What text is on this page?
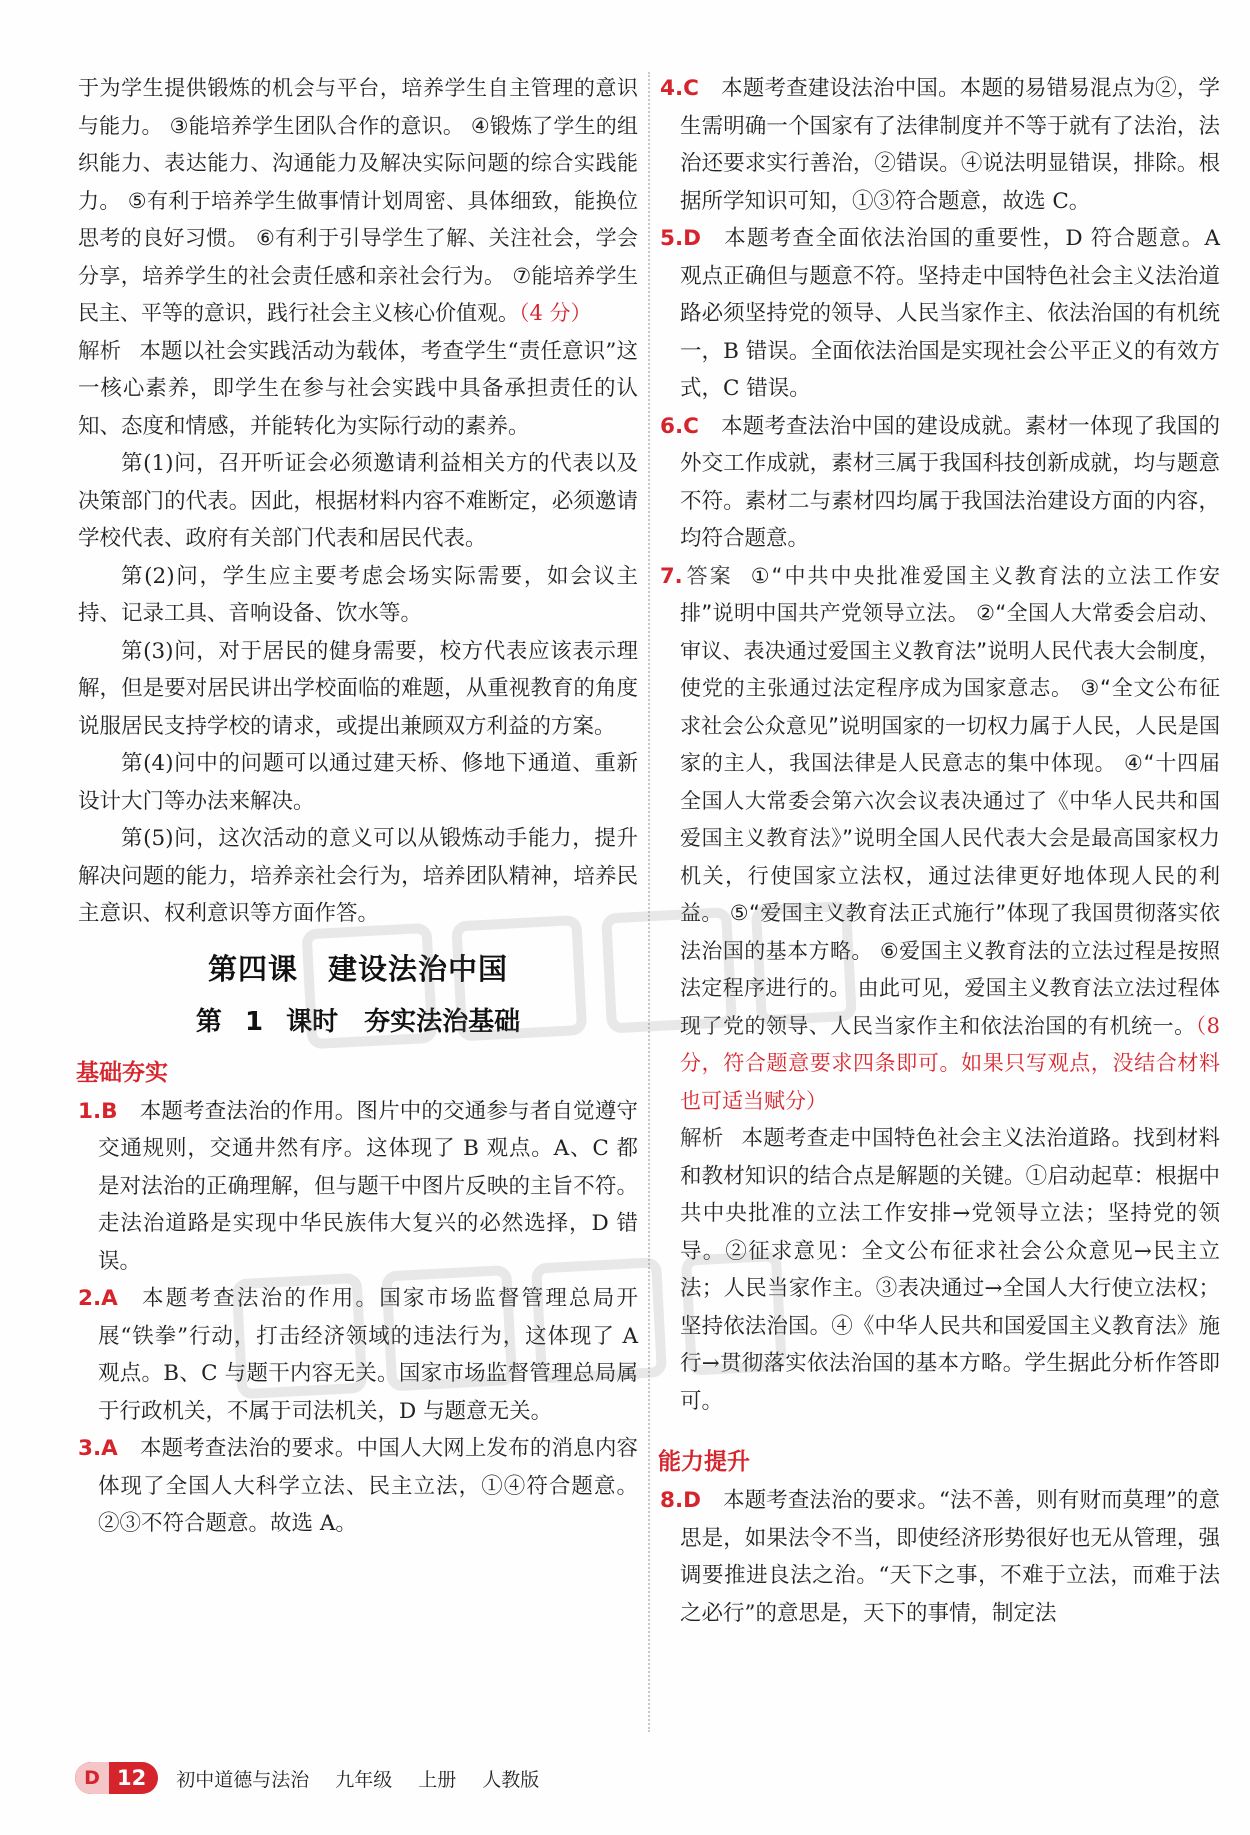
于为学生提供锻炼的机会与平台，培养学生自主管理的意识与能力。 ③能培养学生团队合作的意识。 ④锻炼了学生的组织能力、表达能力、沟通能力及解决实际问题的综合实践能力。 ⑤有利于培养学生做事情计划周密、具体细致，能换位思考的良好习惯。 ⑥有利于引导学生了解、关注社会，学会分享，培养学生的社会责任感和亲社会行为。 ⑦能培养学生民主、平等的意识，践行社会主义核心价值观。（4 分）

解析 本题以社会实践活动为载体，考查学生“责任意识”这一核心素养，即学生在参与社会实践中具备承担责任的认知、态度和情感，并能转化为实际行动的素养。

第(1)问，召开听证会必须邀请利益相关方的代表以及决策部门的代表。因此，根据材料内容不难断定，必须邀请学校代表、政府有关部门代表和居民代表。

第(2)问，学生应主要考虑会场实际需要，如会议主持、记录工具、音响设备、饮水等。

第(3)问，对于居民的健身需要，校方代表应该表示理解，但是要对居民讲出学校面临的难题，从重视教育的角度说服居民支持学校的请求，或提出兼顾双方利益的方案。

第(4)问中的问题可以通过建天桥、修地下通道、重新设计大门等办法来解决。

第(5)问，这次活动的意义可以从锻炼动手能力，提升解决问题的能力，培养亲社会行为，培养团队精神，培养民主意识、权利意识等方面作答。

第四课　建设法治中国
第 1 课时　夯实法治基础
基础夯实

1.B 本题考查法治的作用。图片中的交通参与者自觉遵守交通规则，交通井然有序。这体现了 B 观点。A、C 都是对法治的正确理解，但与题干中图片反映的主旨不符。走法治道路是实现中华民族伟大复兴的必然选择，D 错误。

2.A 本题考查法治的作用。国家市场监督管理总局开展“铁拳”行动，打击经济领域的违法行为，这体现了 A 观点。B、C 与题干内容无关。国家市场监督管理总局属于行政机关，不属于司法机关，D 与题意无关。

3.A 本题考查法治的要求。中国人大网上发布的消息内容体现了全国人大科学立法、民主立法，①④符合题意。②③不符合题意。故选 A。

4.C 本题考查建设法治中国。本题的易错易混点为②，学生需明确一个国家有了法律制度并不等于就有了法治，法治还要求实行善治，②错误。④说法明显错误，排除。根据所学知识可知，①③符合题意，故选 C。

5.D 本题考查全面依法治国的重要性，D 符合题意。A 观点正确但与题意不符。坚持走中国特色社会主义法治道路必须坚持党的领导、人民当家作主、依法治国的有机统一，B 错误。全面依法治国是实现社会公平正义的有效方式，C 错误。

6.C 本题考查法治中国的建设成就。素材一体现了我国的外交工作成就，素材三属于我国科技创新成就，均与题意不符。素材二与素材四均属于我国法治建设方面的内容，均符合题意。

7.答案 ①“中共中央批准爱国主义教育法的立法工作安排”说明中国共产党领导立法。 ②“全国人大常委会启动、审议、表决通过爱国主义教育法”说明人民代表大会制度，使党的主张通过法定程序成为国家意志。 ③“全文公布征求社会公众意见”说明国家的一切权力属于人民，人民是国家的主人，我国法律是人民意志的集中体现。 ④“十四届全国人大常委会第六次会议表决通过了《中华人民共和国爱国主义教育法》”说明全国人民代表大会是最高国家权力机关，行使国家立法权，通过法律更好地体现人民的利益。 ⑤“爱国主义教育法正式施行”体现了我国贯彻落实依法治国的基本方略。 ⑥爱国主义教育法的立法过程是按照法定程序进行的。 由此可见，爱国主义教育法立法过程体现了党的领导、人民当家作主和依法治国的有机统一。（8 分，符合题意要求四条即可。如果只写观点，没结合材料也可适当赋分）

解析 本题考查走中国特色社会主义法治道路。找到材料和教材知识的结合点是解题的关键。①启动起草：根据中共中央批准的立法工作安排→党领导立法；坚持党的领导。②征求意见：全文公布征求社会公众意见→民主立法；人民当家作主。③表决通过→全国人大行使立法权；坚持依法治国。④《中华人民共和国爱国主义教育法》施行→贯彻落实依法治国的基本方略。学生据此分析作答即可。

能力提升

8.D 本题考查法治的要求。“法不善，则有财而莫理”的意思是，如果法令不当，即使经济形势很好也无从管理，强调要推进良法之治。“天下之事，不难于立法，而难于法之必行”的意思是，天下的事情，制定法

D 12	初中道德与法治 九年级 上册 人教版
